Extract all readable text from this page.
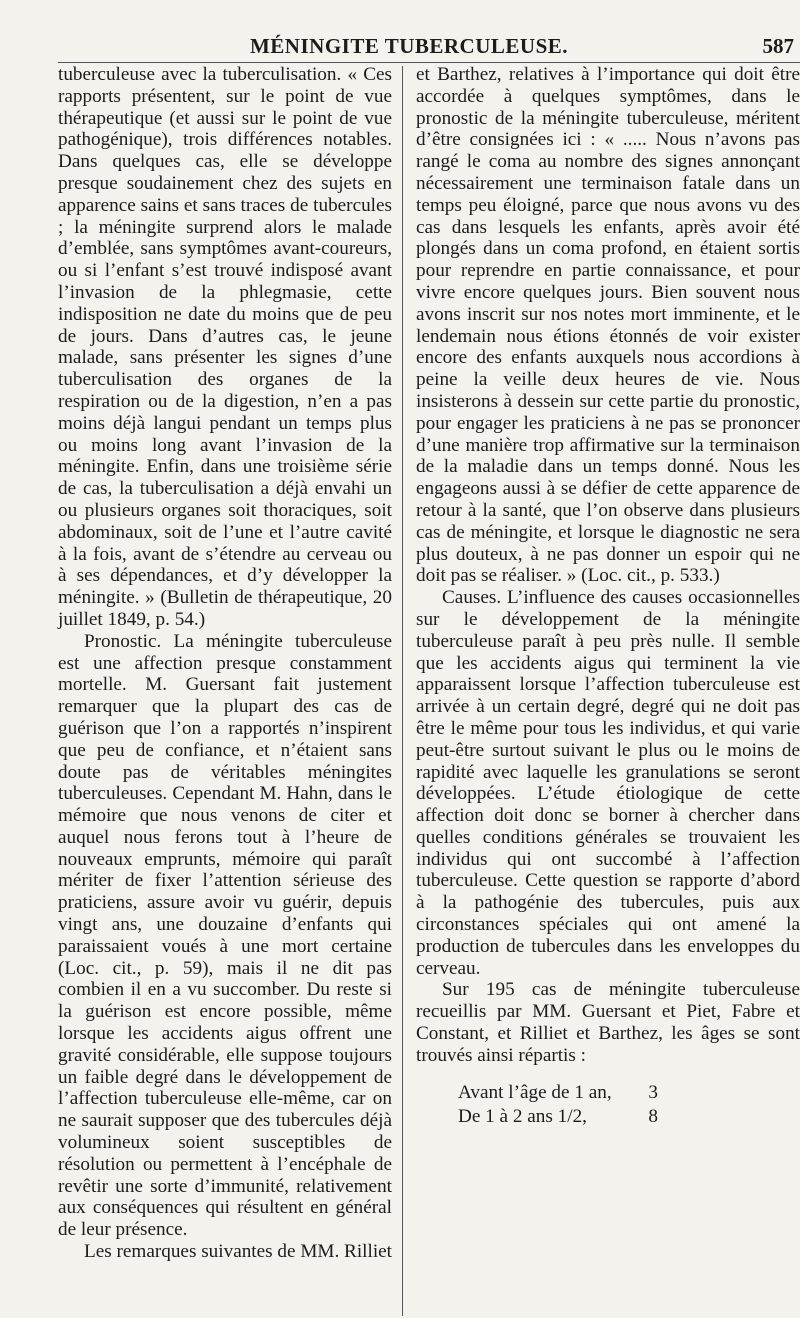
MÉNINGITE TUBERCULEUSE.	587

tuberculeuse avec la tuberculisation. « Ces rapports présentent, sur le point de vue thérapeutique (et aussi sur le point de vue pathogénique), trois différences notables. Dans quelques cas, elle se développe presque soudainement chez des sujets en apparence sains et sans traces de tubercules ; la méningite surprend alors le malade d’emblée, sans symptômes avant-coureurs, ou si l’enfant s’est trouvé indisposé avant l’invasion de la phlegmasie, cette indisposition ne date du moins que de peu de jours. Dans d’autres cas, le jeune malade, sans présenter les signes d’une tuberculisation des organes de la respiration ou de la digestion, n’en a pas moins déjà langui pendant un temps plus ou moins long avant l’invasion de la méningite. Enfin, dans une troisième série de cas, la tuberculisation a déjà envahi un ou plusieurs organes soit thoraciques, soit abdominaux, soit de l’une et l’autre cavité à la fois, avant de s’étendre au cerveau ou à ses dépendances, et d’y développer la méningite. » (Bulletin de thérapeutique, 20 juillet 1849, p. 54.)

Pronostic. La méningite tuberculeuse est une affection presque constamment mortelle. M. Guersant fait justement remarquer que la plupart des cas de guérison que l’on a rapportés n’inspirent que peu de confiance, et n’étaient sans doute pas de véritables méningites tuberculeuses. Cependant M. Hahn, dans le mémoire que nous venons de citer et auquel nous ferons tout à l’heure de nouveaux emprunts, mémoire qui paraît mériter de fixer l’attention sérieuse des praticiens, assure avoir vu guérir, depuis vingt ans, une douzaine d’enfants qui paraissaient voués à une mort certaine (Loc. cit., p. 59), mais il ne dit pas combien il en a vu succomber. Du reste si la guérison est encore possible, même lorsque les accidents aigus offrent une gravité considérable, elle suppose toujours un faible degré dans le développement de l’affection tuberculeuse elle-même, car on ne saurait supposer que des tubercules déjà volumineux soient susceptibles de résolution ou permettent à l’encéphale de revêtir une sorte d’immunité, relativement aux conséquences qui résultent en général de leur présence.

Les remarques suivantes de MM. Rilliet

et Barthez, relatives à l’importance qui doit être accordée à quelques symptômes, dans le pronostic de la méningite tuberculeuse, méritent d’être consignées ici : « ..... Nous n’avons pas rangé le coma au nombre des signes annonçant nécessairement une terminaison fatale dans un temps peu éloigné, parce que nous avons vu des cas dans lesquels les enfants, après avoir été plongés dans un coma profond, en étaient sortis pour reprendre en partie connaissance, et pour vivre encore quelques jours. Bien souvent nous avons inscrit sur nos notes mort imminente, et le lendemain nous étions étonnés de voir exister encore des enfants auxquels nous accordions à peine la veille deux heures de vie. Nous insisterons à dessein sur cette partie du pronostic, pour engager les praticiens à ne pas se prononcer d’une manière trop affirmative sur la terminaison de la maladie dans un temps donné. Nous les engageons aussi à se défier de cette apparence de retour à la santé, que l’on observe dans plusieurs cas de méningite, et lorsque le diagnostic ne sera plus douteux, à ne pas donner un espoir qui ne doit pas se réaliser. » (Loc. cit., p. 533.)

Causes. L’influence des causes occasionnelles sur le développement de la méningite tuberculeuse paraît à peu près nulle. Il semble que les accidents aigus qui terminent la vie apparaissent lorsque l’affection tuberculeuse est arrivée à un certain degré, degré qui ne doit pas être le même pour tous les individus, et qui varie peut-être surtout suivant le plus ou le moins de rapidité avec laquelle les granulations se seront développées. L’étude étiologique de cette affection doit donc se borner à chercher dans quelles conditions générales se trouvaient les individus qui ont succombé à l’affection tuberculeuse. Cette question se rapporte d’abord à la pathogénie des tubercules, puis aux circonstances spéciales qui ont amené la production de tubercules dans les enveloppes du cerveau.

Sur 195 cas de méningite tuberculeuse recueillis par MM. Guersant et Piet, Fabre et Constant, et Rilliet et Barthez, les âges se sont trouvés ainsi répartis :

Avant l’âge de 1 an,	3
De 1 à 2 ans 1/2,	8
